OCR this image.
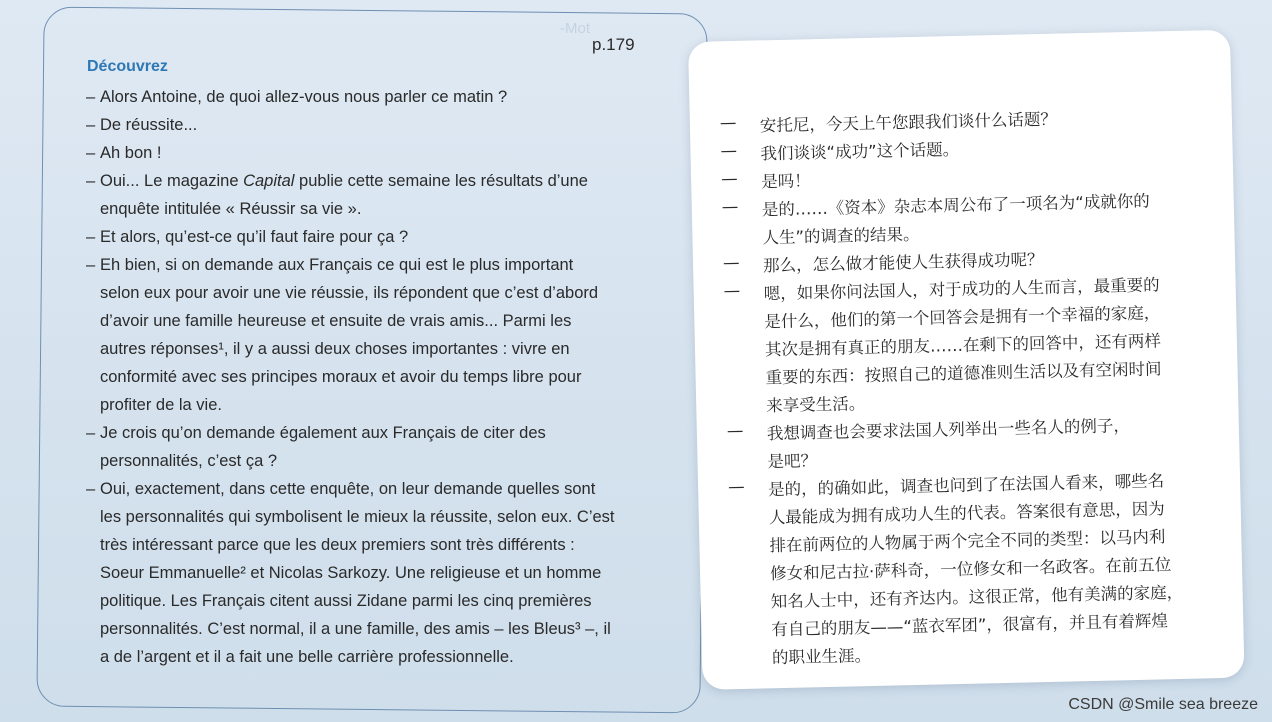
-Mot
p.179
Découvrez
– Alors Antoine, de quoi allez-vous nous parler ce matin ?
– De réussite...
– Ah bon !
– Oui... Le magazine Capital publie cette semaine les résultats d’une
enquête intitulée « Réussir sa vie ».
– Et alors, qu’est-ce qu’il faut faire pour ça ?
– Eh bien, si on demande aux Français ce qui est le plus important
selon eux pour avoir une vie réussie, ils répondent que c’est d’abord
d’avoir une famille heureuse et ensuite de vrais amis... Parmi les
autres réponses¹, il y a aussi deux choses importantes : vivre en
conformité avec ses principes moraux et avoir du temps libre pour
profiter de la vie.
– Je crois qu’on demande également aux Français de citer des
personnalités, c’est ça ?
– Oui, exactement, dans cette enquête, on leur demande quelles sont
les personnalités qui symbolisent le mieux la réussite, selon eux. C’est
très intéressant parce que les deux premiers sont très différents :
Soeur Emmanuelle² et Nicolas Sarkozy. Une religieuse et un homme
politique. Les Français citent aussi Zidane parmi les cinq premières
personnalités. C’est normal, il a une famille, des amis – les Bleus³ –, il
a de l’argent et il a fait une belle carrière professionnelle.
— 安托尼，今天上午您跟我们谈什么话题？
— 我们谈谈“成功”这个话题。
— 是吗！
— 是的……《资本》杂志本周公布了一项名为“成就你的
人生”的调查的结果。
— 那么，怎么做才能使人生获得成功呢？
— 嗯，如果你问法国人，对于成功的人生而言，最重要的
是什么，他们的第一个回答会是拥有一个幸福的家庭，
其次是拥有真正的朋友……在剩下的回答中，还有两样
重要的东西：按照自己的道德准则生活以及有空闲时间
来享受生活。
— 我想调查也会要求法国人列举出一些名人的例子，
是吧？
— 是的，的确如此，调查也问到了在法国人看来，哪些名
人最能成为拥有成功人生的代表。答案很有意思，因为
排在前两位的人物属于两个完全不同的类型：以马内利
修女和尼古拉·萨科奇，一位修女和一名政客。在前五位
知名人士中，还有齐达内。这很正常，他有美满的家庭，
有自己的朋友——“蓝衣军团”，很富有，并且有着辉煌
的职业生涯。
CSDN @Smile sea breeze
